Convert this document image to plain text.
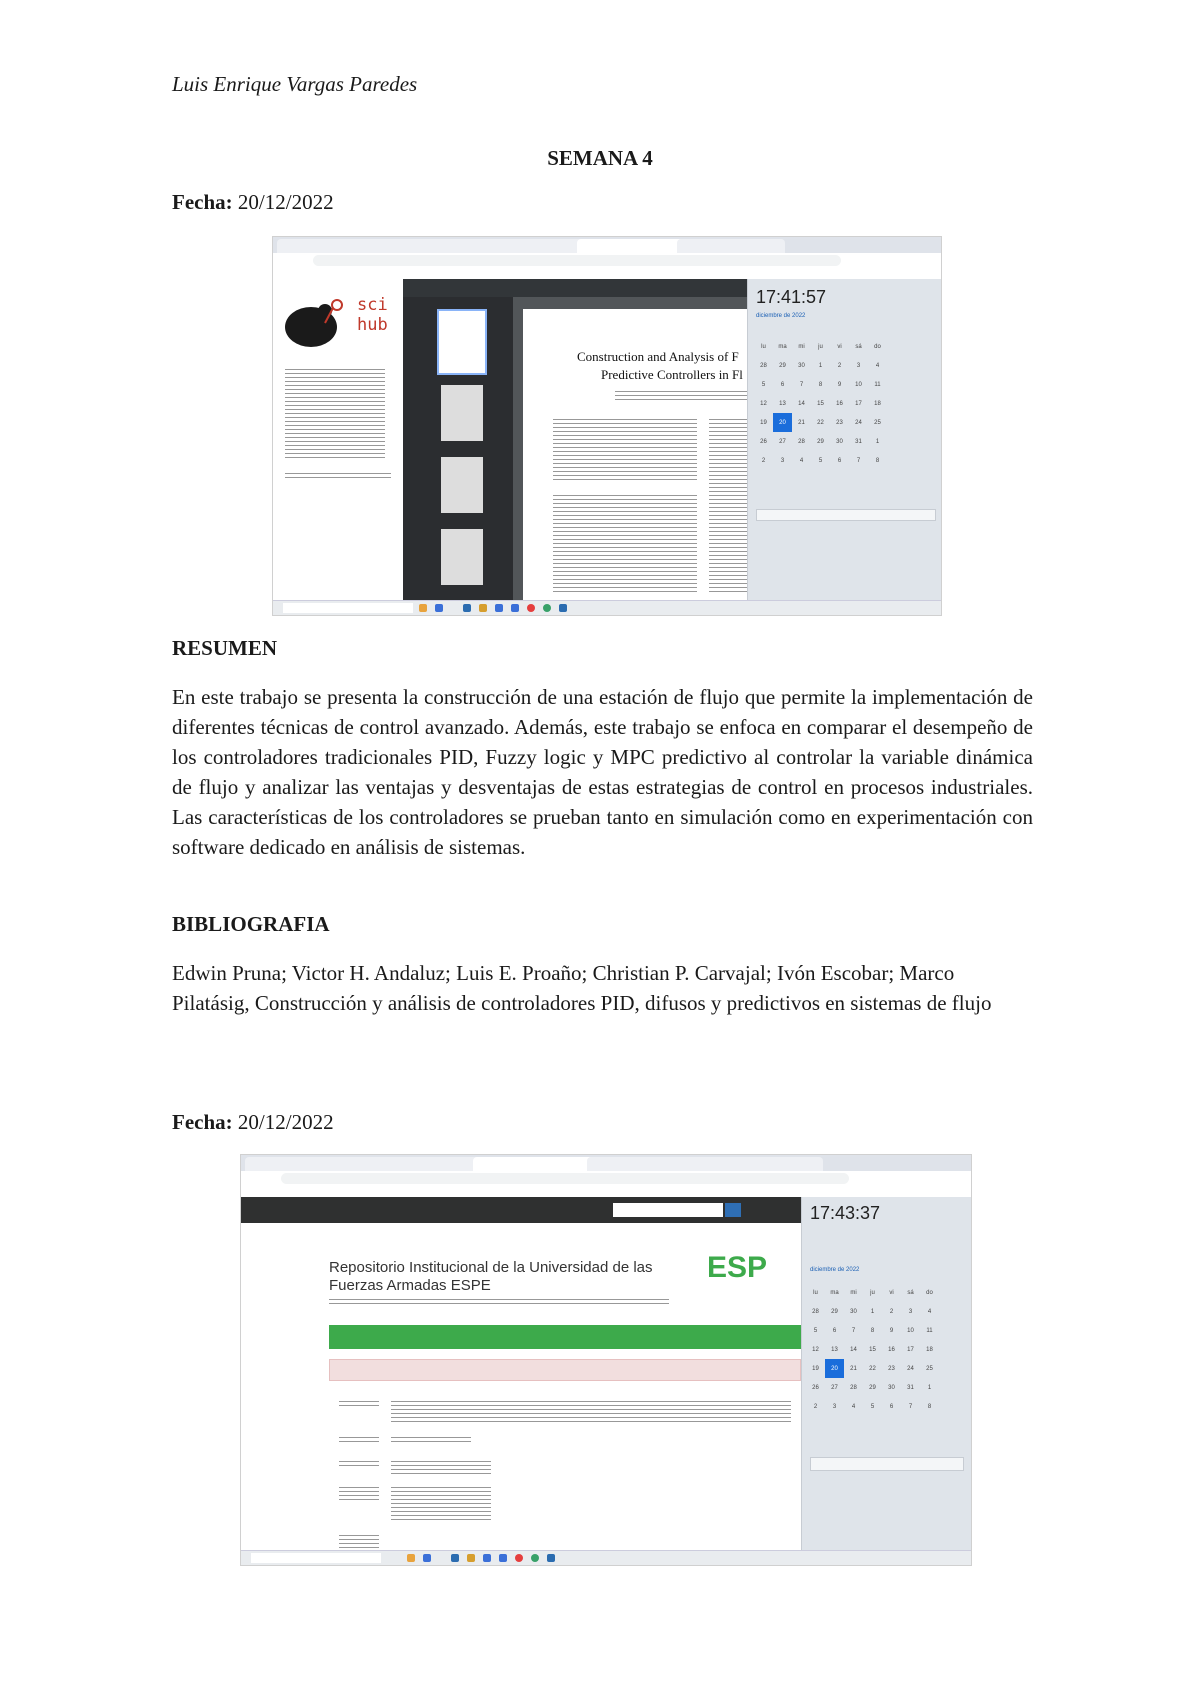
Luis Enrique Vargas Paredes
SEMANA 4
Fecha: 20/12/2022
sci
hub
Construction and Analysis of F
Predictive Controllers in Fl
17:41:57
diciembre de 2022
lu	ma	mi	ju	vi	sá	do
28	29	30	1	2	3	4
5	6	7	8	9	10	11
12	13	14	15	16	17	18
19	20	21	22	23	24	25
26	27	28	29	30	31	1
2	3	4	5	6	7	8
RESUMEN
En este trabajo se presenta la construcción de una estación de flujo que permite la implementación de diferentes técnicas de control avanzado. Además, este trabajo se enfoca en comparar el desempeño de los controladores tradicionales PID, Fuzzy logic y MPC predictivo al controlar la variable dinámica de flujo y analizar las ventajas y desventajas de estas estrategias de control en procesos industriales. Las características de los controladores se prueban tanto en simulación como en experimentación con software dedicado en análisis de sistemas.
BIBLIOGRAFIA
Edwin Pruna; Victor H. Andaluz; Luis E. Proaño; Christian P. Carvajal; Ivón Escobar; Marco Pilatásig, Construcción y análisis de controladores PID, difusos y predictivos en sistemas de flujo
Fecha: 20/12/2022
Repositorio Institucional de la Universidad de las
Fuerzas Armadas ESPE
ESP
17:43:37
diciembre de 2022
lu	ma	mi	ju	vi	sá	do
28	29	30	1	2	3	4
5	6	7	8	9	10	11
12	13	14	15	16	17	18
19	20	21	22	23	24	25
26	27	28	29	30	31	1
2	3	4	5	6	7	8
